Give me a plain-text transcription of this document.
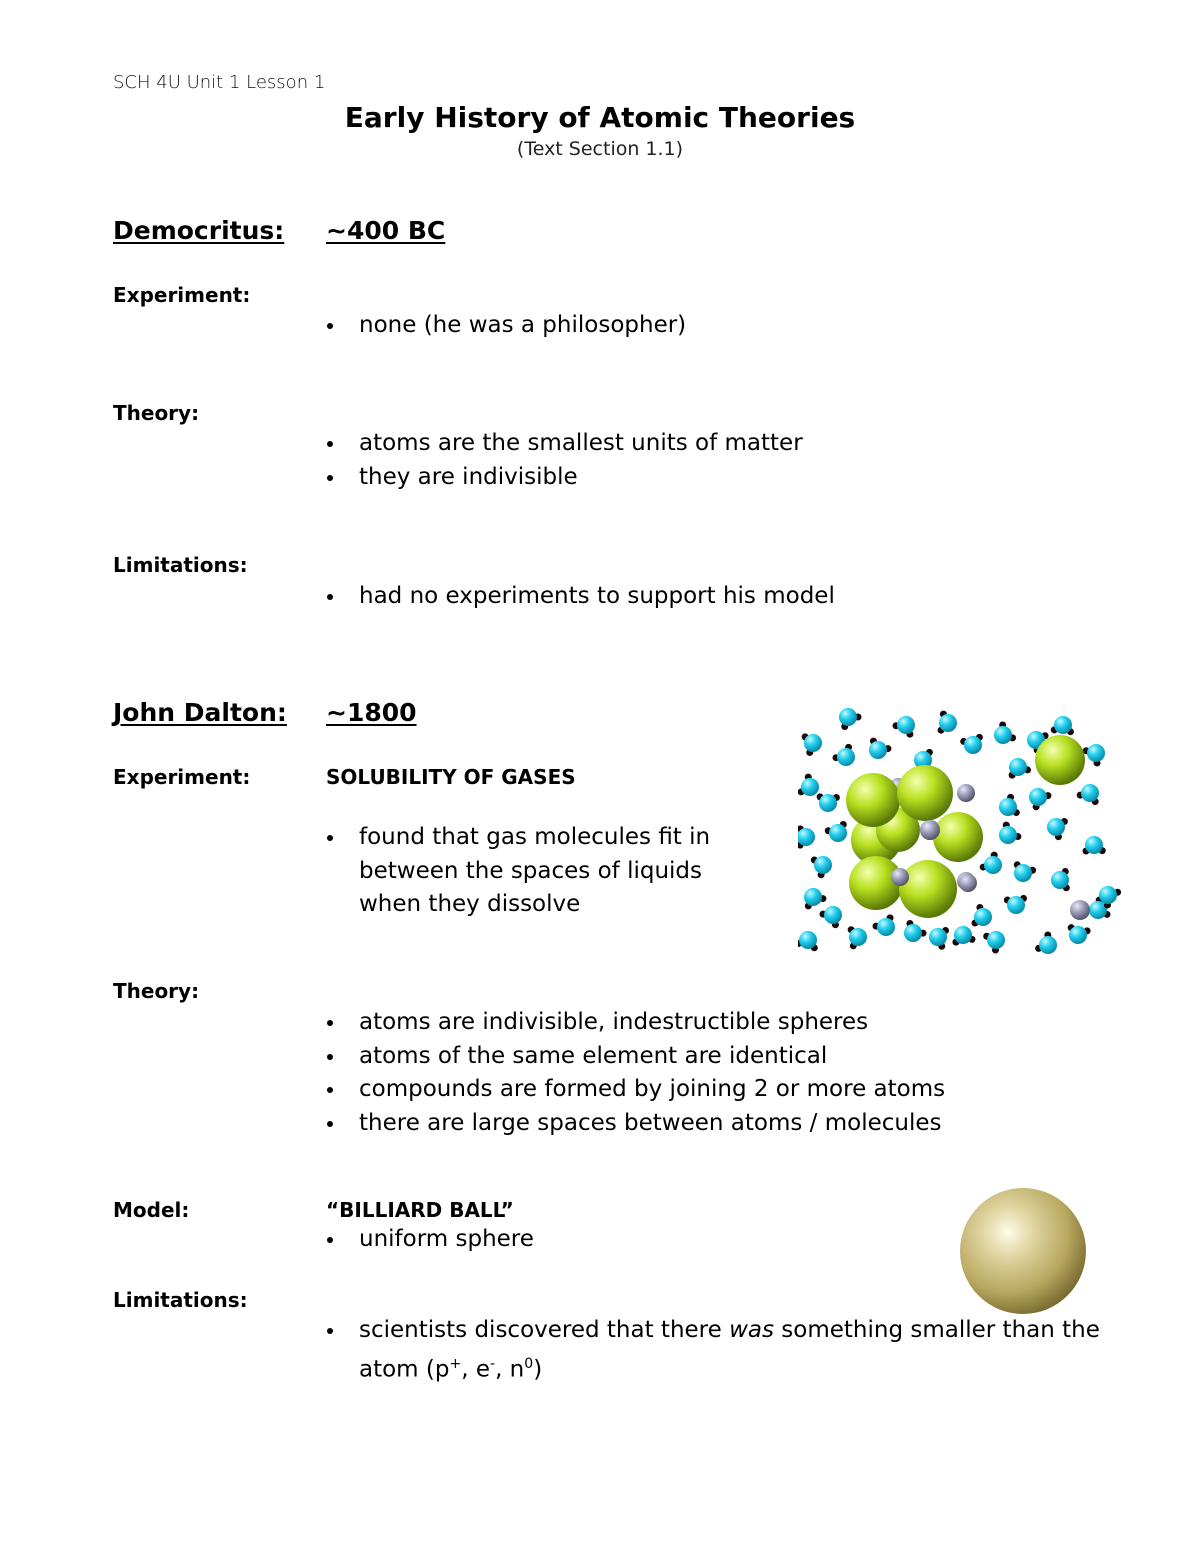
SCH 4U Unit 1 Lesson 1
Early History of Atomic Theories
(Text Section 1.1)
Democritus: ~400 BC
Experiment:
none (he was a philosopher)
Theory:
atoms are the smallest units of matter
they are indivisible
Limitations:
had no experiments to support his model
John Dalton: ~1800
Experiment:	SOLUBILITY OF GASES
found that gas molecules fit in
between the spaces of liquids
when they dissolve
Theory:
atoms are indivisible, indestructible spheres
atoms of the same element are identical
compounds are formed by joining 2 or more atoms
there are large spaces between atoms / molecules
Model:	“BILLIARD BALL”
uniform sphere
Limitations:
scientists discovered that there was something smaller than the atom (p+, e-, $n^0$)
